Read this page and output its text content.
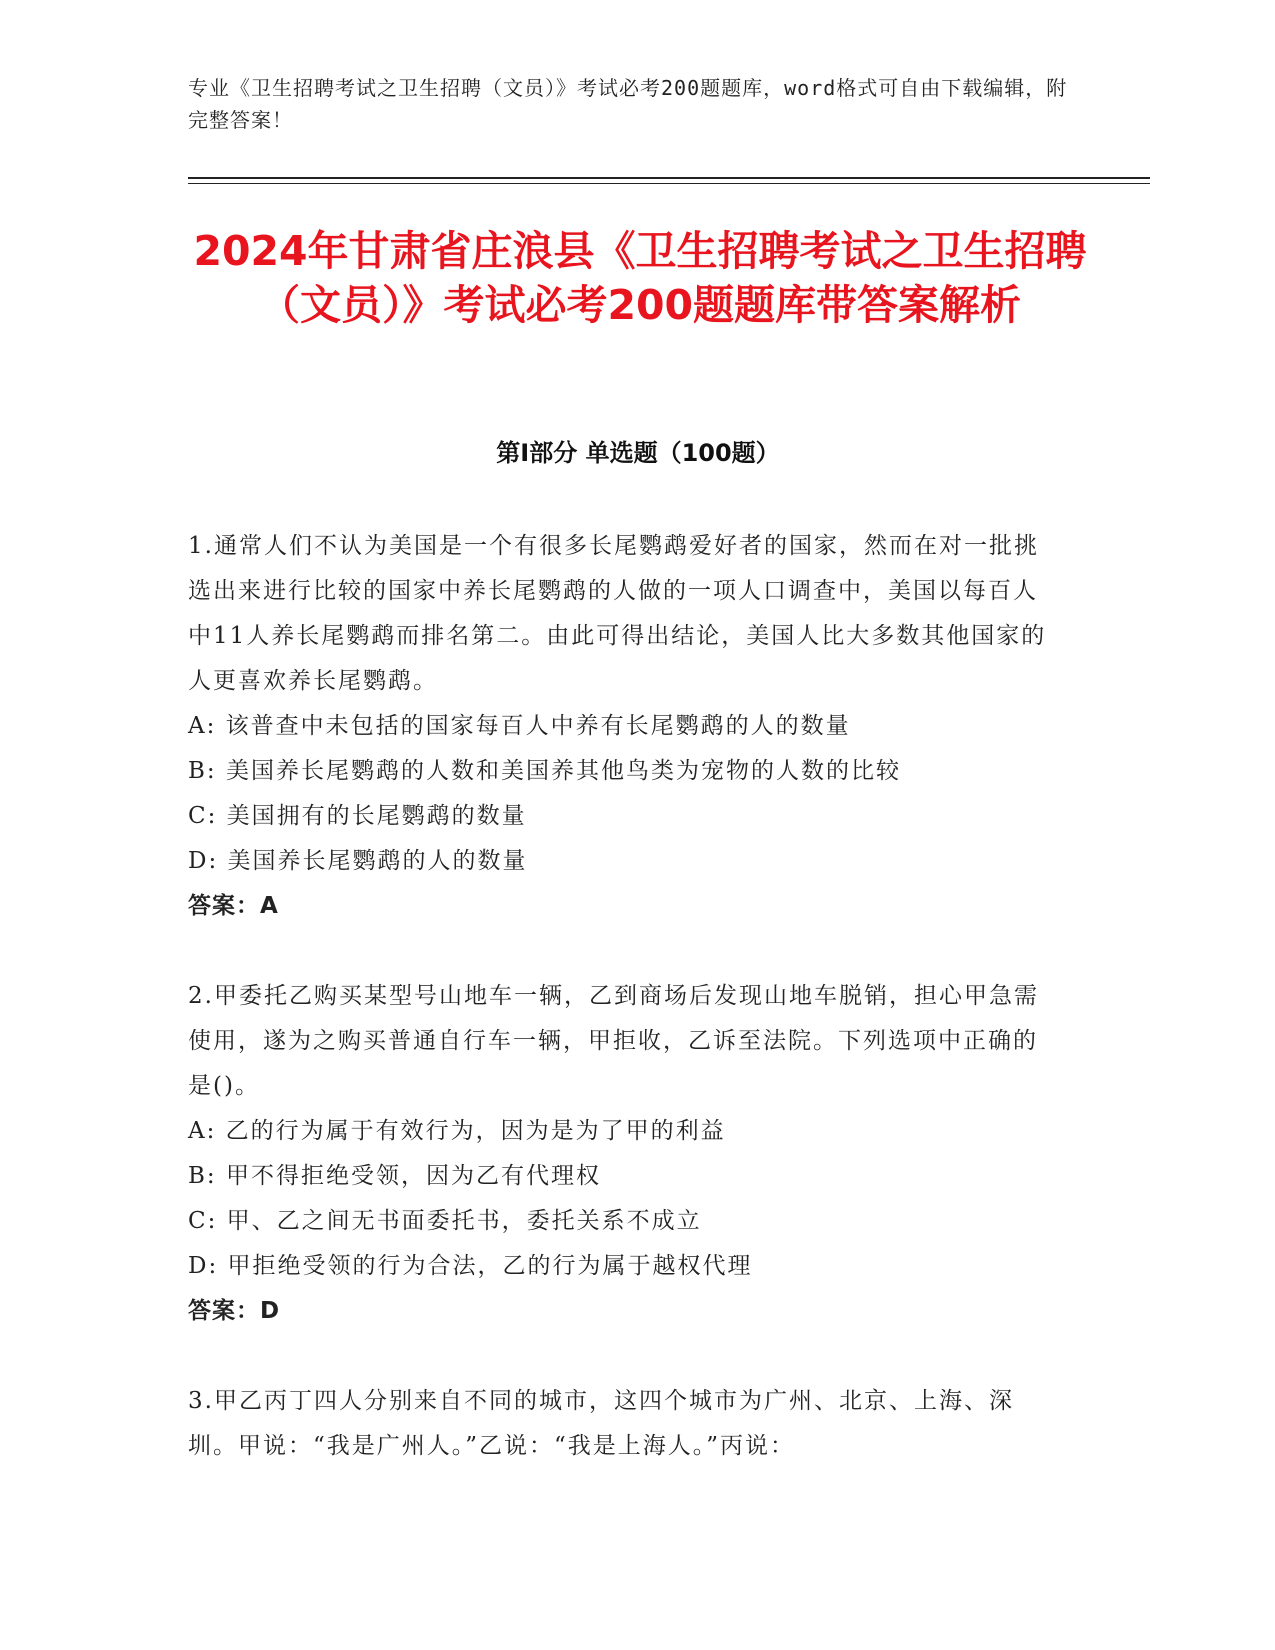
专业《卫生招聘考试之卫生招聘（文员）》考试必考200题题库，word格式可自由下载编辑，附完整答案！
2024年甘肃省庄浪县《卫生招聘考试之卫生招聘（文员）》考试必考200题题库带答案解析
第I部分 单选题（100题）

1.通常人们不认为美国是一个有很多长尾鹦鹉爱好者的国家，然而在对一批挑选出来进行比较的国家中养长尾鹦鹉的人做的一项人口调查中，美国以每百人中11人养长尾鹦鹉而排名第二。由此可得出结论，美国人比大多数其他国家的人更喜欢养长尾鹦鹉。

A: 该普查中未包括的国家每百人中养有长尾鹦鹉的人的数量

B: 美国养长尾鹦鹉的人数和美国养其他鸟类为宠物的人数的比较

C: 美国拥有的长尾鹦鹉的数量

D: 美国养长尾鹦鹉的人的数量

答案：A

2.甲委托乙购买某型号山地车一辆，乙到商场后发现山地车脱销，担心甲急需使用，遂为之购买普通自行车一辆，甲拒收，乙诉至法院。下列选项中正确的是()。

A: 乙的行为属于有效行为，因为是为了甲的利益

B: 甲不得拒绝受领，因为乙有代理权

C: 甲、乙之间无书面委托书，委托关系不成立

D: 甲拒绝受领的行为合法，乙的行为属于越权代理

答案：D

3.甲乙丙丁四人分别来自不同的城市，这四个城市为广州、北京、上海、深圳。甲说：“我是广州人。”乙说：“我是上海人。”丙说：
